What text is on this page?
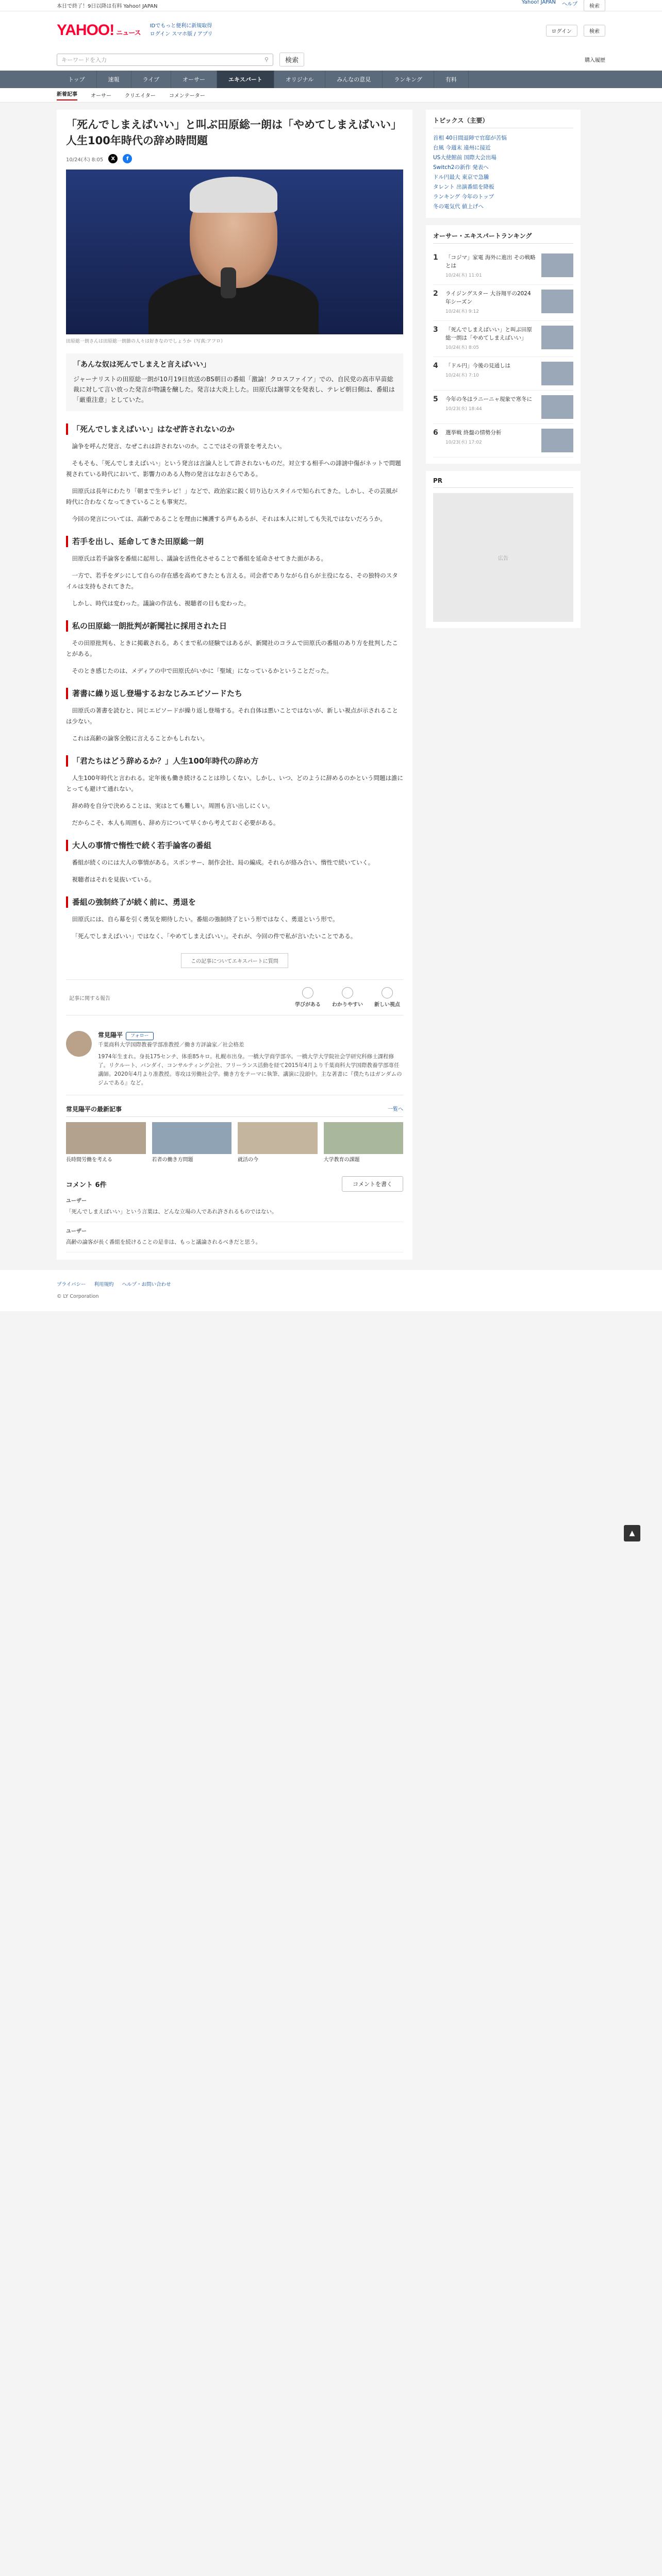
本日で終了！9日以降は有料 Yahoo! JAPAN
Yahoo! JAPAN ヘルプ	検索
YAHOO! ニュース
IDでもっと便利に新規取得
ログイン スマホ版 / アプリ	ログイン	検索
キーワードを入力	⚲	検索	購入履歴
トップ	速報	ライブ	オーサー	エキスパート	オリジナル	みんなの意見	ランキング	有料
新着記事	オーサー	クリエイター	コメンテーター
「死んでしまえばいい」と叫ぶ田原総一朗は「やめてしまえばいい」人生100年時代の辞め時問題
10/24(木) 8:05	X	f
田原総一朗さんは田原総一朗節の人々は好きなのでしょうか（写真:アフロ）
「あんな奴は死んでしまえと言えばいい」
ジャーナリストの田原総一朗が10月19日放送のBS朝日の番組「激論！クロスファイア」での、自民党の高市早苗総裁に対して言い放った発言が物議を醸した。発言は大炎上した。田原氏は謝罪文を発表し、テレビ朝日側は、番組は「厳重注意」としていた。
「死んでしまえばいい」はなぜ許されないのか

論争を呼んだ発言、なぜこれは許されないのか。ここではその背景を考えたい。

そもそも、「死んでしまえばいい」という発言は言論人として許されないものだ。対立する相手への誹謗中傷がネットで問題視されている時代において、影響力のある人物の発言はなおさらである。

田原氏は長年にわたり「朝まで生テレビ！」などで、政治家に鋭く切り込むスタイルで知られてきた。しかし、その芸風が時代に合わなくなってきていることも事実だ。

今回の発言については、高齢であることを理由に擁護する声もあるが、それは本人に対しても失礼ではないだろうか。

若手を出し、延命してきた田原総一朗

田原氏は若手論客を番組に起用し、議論を活性化させることで番組を延命させてきた面がある。

一方で、若手をダシにして自らの存在感を高めてきたとも言える。司会者でありながら自らが主役になる、その独特のスタイルは支持もされてきた。

しかし、時代は変わった。議論の作法も、視聴者の目も変わった。

私の田原総一朗批判が新聞社に採用された日

その田原批判も、ときに掲載される。あくまで私の経験ではあるが、新聞社のコラムで田原氏の番組のあり方を批判したことがある。

そのとき感じたのは、メディアの中で田原氏がいかに「聖域」になっているかということだった。

著書に繰り返し登場するおなじみエピソードたち

田原氏の著書を読むと、同じエピソードが繰り返し登場する。それ自体は悪いことではないが、新しい視点が示されることは少ない。

これは高齢の論客全般に言えることかもしれない。

「君たちはどう辞めるか？」人生100年時代の辞め方

人生100年時代と言われる。定年後も働き続けることは珍しくない。しかし、いつ、どのように辞めるのかという問題は誰にとっても避けて通れない。

辞め時を自分で決めることは、実はとても難しい。周囲も言い出しにくい。

だからこそ、本人も周囲も、辞め方について早くから考えておく必要がある。

大人の事情で惰性で続く若手論客の番組

番組が続くのには大人の事情がある。スポンサー、制作会社、局の編成。それらが絡み合い、惰性で続いていく。

視聴者はそれを見抜いている。

番組の強制終了が続く前に、勇退を

田原氏には、自ら幕を引く勇気を期待したい。番組の強制終了という形ではなく、勇退という形で。

「死んでしまえばいい」ではなく、「やめてしまえばいい」。それが、今回の件で私が言いたいことである。

この記事についてエキスパートに質問
記事に関する報告
学びがある わかりやすい 新しい視点
常見陽平 フォロー
千葉商科大学国際教養学部准教授／働き方評論家／社会格差
1974年生まれ。身長175センチ、体重85キロ。札幌市出身。一橋大学商学部卒。一橋大学大学院社会学研究科修士課程修了。リクルート、バンダイ、コンサルティング会社、フリーランス活動を経て2015年4月より千葉商科大学国際教養学部専任講師。2020年4月より准教授。専攻は労働社会学。働き方をテーマに執筆、講演に没頭中。主な著書に『僕たちはガンダムのジムである』など。
常見陽平の最新記事	一覧へ
長時間労働を考える	若者の働き方問題	就活の今	大学教育の課題
コメント 6件	コメントを書く
ユーザー
「死んでしまえばいい」という言葉は、どんな立場の人であれ許されるものではない。
ユーザー
高齢の論客が長く番組を続けることの是非は、もっと議論されるべきだと思う。
トピックス（主要）
首相 40日間退陣で官邸が苦悩
台風 今週末 遠州に接近
US大使館前 国際大会出場
Switch2の新作 発表へ
ドル円最大 東京で急騰
タレント 出演番組を降板
ランキング 今年のトップ
冬の電気代 値上げへ
オーサー・エキスパートランキング
1	「コジマ」家電 海外に進出 その戦略とは
10/24(木) 11:01
2	ライジングスター 大谷翔平の2024年シーズン
10/24(木) 9:12
3	「死んでしまえばいい」と叫ぶ田原総一朗は「やめてしまえばいい」
10/24(木) 8:05
4	「ドル円」今後の見通しは
10/24(木) 7:10
5	今年の冬はラニーニャ現象で寒冬に
10/23(水) 18:44
6	選挙戦 終盤の情勢分析
10/23(水) 17:02
PR
広告
プライバシー 利用規約 ヘルプ・お問い合わせ
© LY Corporation
▲
